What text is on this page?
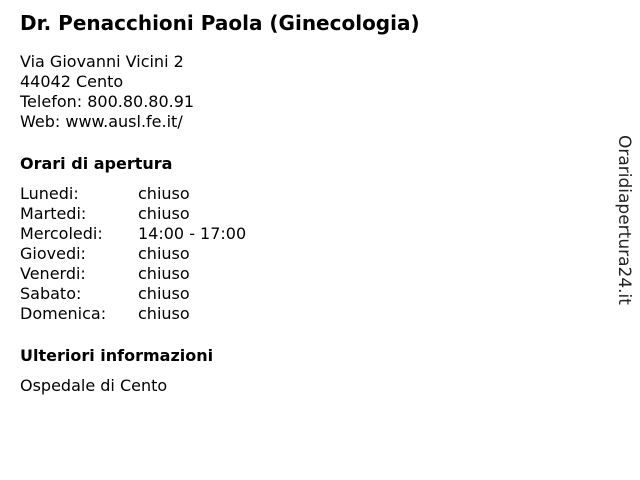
Dr. Penacchioni Paola (Ginecologia)
Via Giovanni Vicini 2
44042 Cento
Telefon: 800.80.80.91
Web: www.ausl.fe.it/
Orari di apertura
Lunedi:	chiuso
Martedi:	chiuso
Mercoledi:	14:00 - 17:00
Giovedi:	chiuso
Venerdi:	chiuso
Sabato:	chiuso
Domenica:	chiuso
Ulteriori informazioni
Ospedale di Cento
Oraridiapertura24.it
